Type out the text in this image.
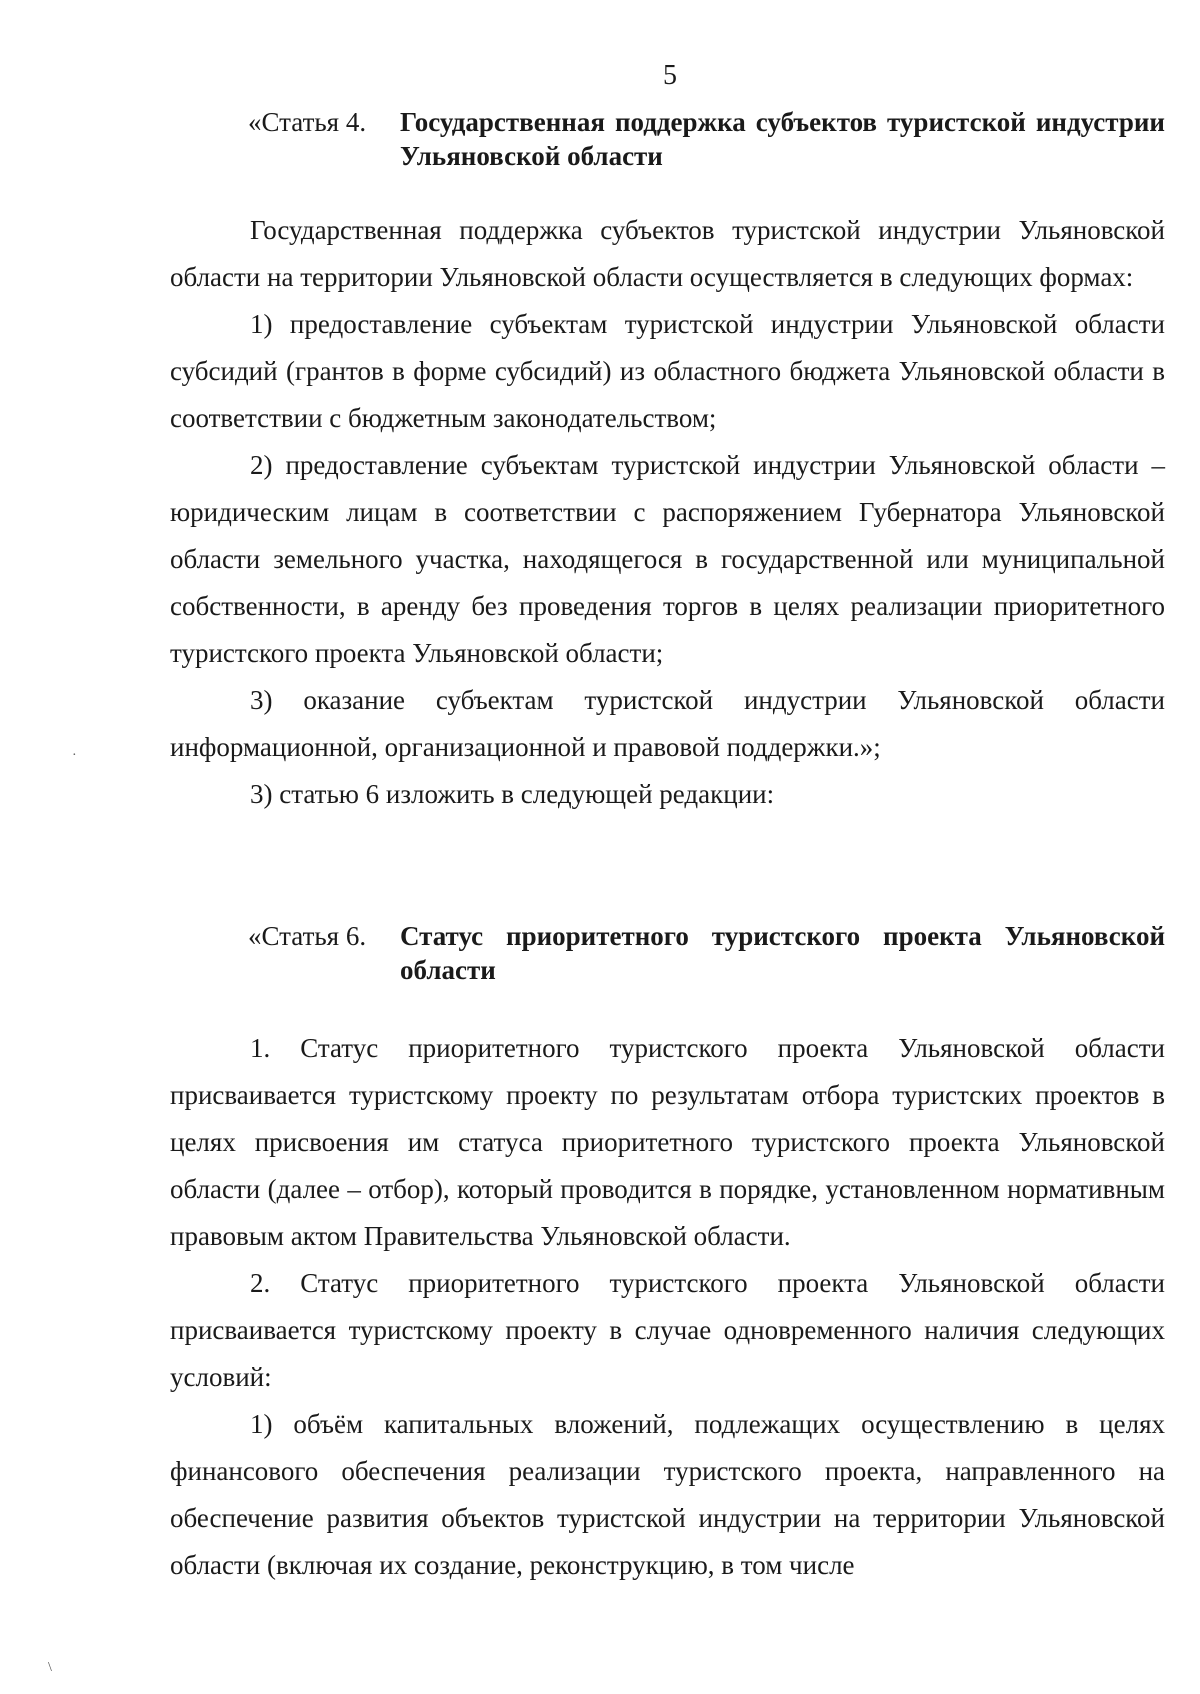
5
«Статья 4. Государственная поддержка субъектов туристской индустрии Ульяновской области

Государственная поддержка субъектов туристской индустрии Ульяновской области на территории Ульяновской области осуществляется в следующих формах:

1) предоставление субъектам туристской индустрии Ульяновской области субсидий (грантов в форме субсидий) из областного бюджета Ульяновской области в соответствии с бюджетным законодательством;

2) предоставление субъектам туристской индустрии Ульяновской области – юридическим лицам в соответствии с распоряжением Губернатора Ульяновской области земельного участка, находящегося в государственной или муниципальной собственности, в аренду без проведения торгов в целях реализации приоритетного туристского проекта Ульяновской области;

3) оказание субъектам туристской индустрии Ульяновской области информационной, организационной и правовой поддержки.»;

3) статью 6 изложить в следующей редакции:

«Статья 6. Статус приоритетного туристского проекта Ульяновской области

1. Статус приоритетного туристского проекта Ульяновской области присваивается туристскому проекту по результатам отбора туристских проектов в целях присвоения им статуса приоритетного туристского проекта Ульяновской области (далее – отбор), который проводится в порядке, установленном нормативным правовым актом Правительства Ульяновской области.

2. Статус приоритетного туристского проекта Ульяновской области присваивается туристскому проекту в случае одновременного наличия следующих условий:

1) объём капитальных вложений, подлежащих осуществлению в целях финансового обеспечения реализации туристского проекта, направленного на обеспечение развития объектов туристской индустрии на территории Ульяновской области (включая их создание, реконструкцию, в том числе

·
\
